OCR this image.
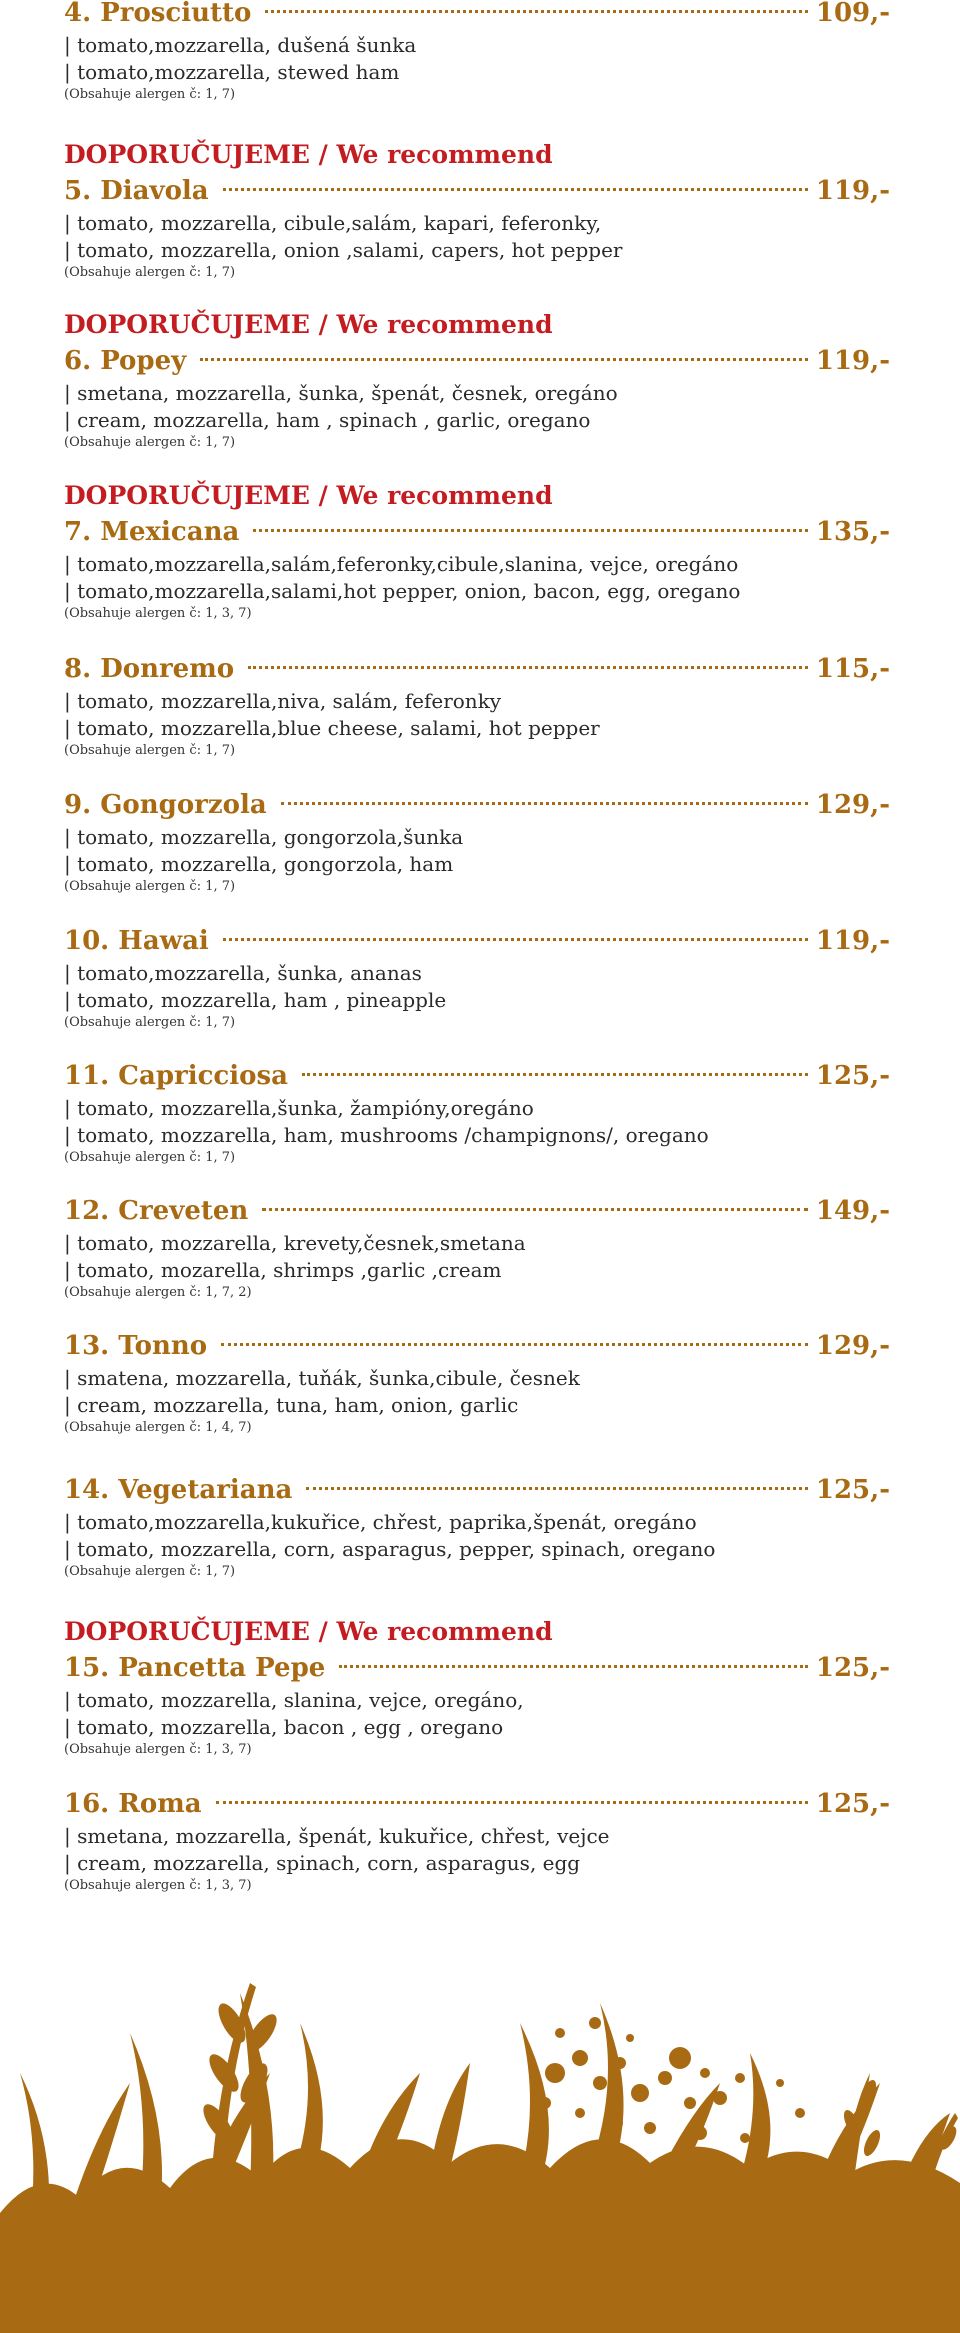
4. Prosciutto	109,-
| tomato,mozzarella, dušená šunka
| tomato,mozzarella, stewed ham
(Obsahuje alergen č: 1, 7)
DOPORUČUJEME / We recommend
5. Diavola	119,-
| tomato, mozzarella, cibule,salám, kapari, feferonky,
| tomato, mozzarella, onion ,salami, capers, hot pepper
(Obsahuje alergen č: 1, 7)
DOPORUČUJEME / We recommend
6. Popey	119,-
| smetana, mozzarella, šunka, špenát, česnek, oregáno
| cream, mozzarella, ham , spinach , garlic, oregano
(Obsahuje alergen č: 1, 7)
DOPORUČUJEME / We recommend
7. Mexicana	135,-
| tomato,mozzarella,salám,feferonky,cibule,slanina, vejce, oregáno
| tomato,mozzarella,salami,hot pepper, onion, bacon, egg, oregano
(Obsahuje alergen č: 1, 3, 7)
8. Donremo	115,-
| tomato, mozzarella,niva, salám, feferonky
| tomato, mozzarella,blue cheese, salami, hot pepper
(Obsahuje alergen č: 1, 7)
9. Gongorzola	129,-
| tomato, mozzarella, gongorzola,šunka
| tomato, mozzarella, gongorzola, ham
(Obsahuje alergen č: 1, 7)
10. Hawai	119,-
| tomato,mozzarella, šunka, ananas
| tomato, mozzarella, ham , pineapple
(Obsahuje alergen č: 1, 7)
11. Capricciosa	125,-
| tomato, mozzarella,šunka, žampióny,oregáno
| tomato, mozzarella, ham, mushrooms /champignons/, oregano
(Obsahuje alergen č: 1, 7)
12. Creveten	149,-
| tomato, mozzarella, krevety,česnek,smetana
| tomato, mozarella, shrimps ,garlic ,cream
(Obsahuje alergen č: 1, 7, 2)
13. Tonno	129,-
| smatena, mozzarella, tuňák, šunka,cibule, česnek
| cream, mozzarella, tuna, ham, onion, garlic
(Obsahuje alergen č: 1, 4, 7)
14. Vegetariana	125,-
| tomato,mozzarella,kukuřice, chřest, paprika,špenát, oregáno
| tomato, mozzarella, corn, asparagus, pepper, spinach, oregano
(Obsahuje alergen č: 1, 7)
DOPORUČUJEME / We recommend
15. Pancetta Pepe	125,-
| tomato, mozzarella, slanina, vejce, oregáno,
| tomato, mozzarella, bacon , egg , oregano
(Obsahuje alergen č: 1, 3, 7)
16. Roma	125,-
| smetana, mozzarella, špenát, kukuřice, chřest, vejce
| cream, mozzarella, spinach, corn, asparagus, egg
(Obsahuje alergen č: 1, 3, 7)
